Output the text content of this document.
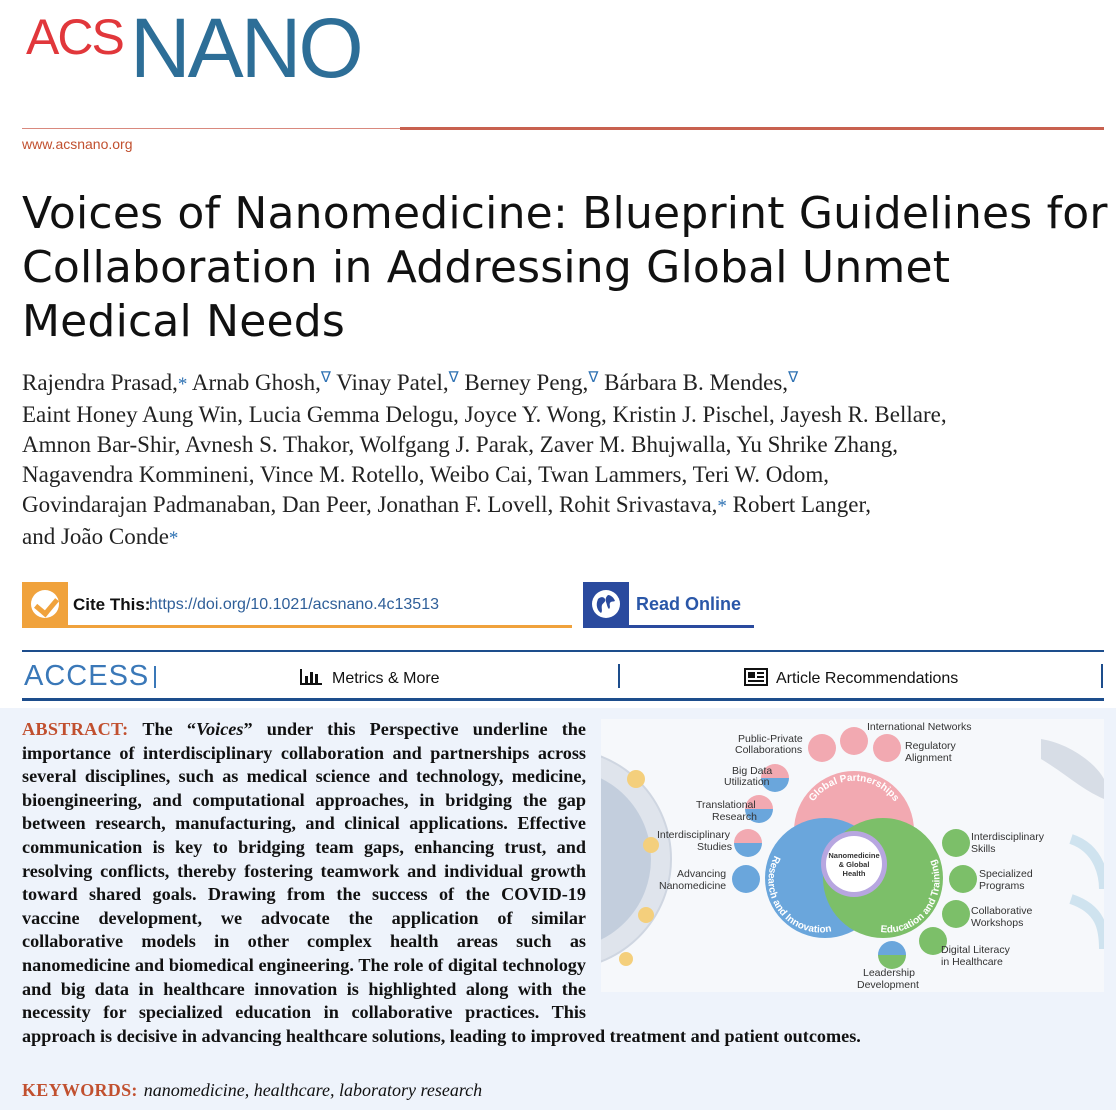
ACS NANO
www.acsnano.org
Voices of Nanomedicine: Blueprint Guidelines for Collaboration in Addressing Global Unmet Medical Needs
Rajendra Prasad,* Arnab Ghosh,∇ Vinay Patel,∇ Berney Peng,∇ Bárbara B. Mendes,∇
Eaint Honey Aung Win, Lucia Gemma Delogu, Joyce Y. Wong, Kristin J. Pischel, Jayesh R. Bellare,
Amnon Bar-Shir, Avnesh S. Thakor, Wolfgang J. Parak, Zaver M. Bhujwalla, Yu Shrike Zhang,
Nagavendra Kommineni, Vince M. Rotello, Weibo Cai, Twan Lammers, Teri W. Odom,
Govindarajan Padmanaban, Dan Peer, Jonathan F. Lovell, Rohit Srivastava,* Robert Langer,
and João Conde*
Cite This:
https://doi.org/10.1021/acsnano.4c13513	Read Online
ACCESS	Metrics & More	Article Recommendations
ABSTRACT: The “Voices” under this Perspective underline the importance of interdisciplinary collaboration and partnerships across several disciplines, such as medical science and technology, medicine, bioengineering, and computational approaches, in bridging the gap between research, manufacturing, and clinical applications. Effective communication is key to bridging team gaps, enhancing trust, and resolving conflicts, thereby fostering teamwork and individual growth toward shared goals. Drawing from the success of the COVID-19 vaccine development, we advocate the application of similar collaborative models in other complex health areas such as nanomedicine and biomedical engineering. The role of digital technology and big data in healthcare innovation is highlighted along with the necessity for specialized education in collaborative practices. This approach is decisive in advancing healthcare solutions, leading to improved treatment and patient outcomes.
Nanomedicine
& Global
Health
Global Partnerships
Research and Innovation	Education and Training
International Networks
Public-Private
Collaborations	Regulatory
Alignment
Big Data
Utilization
Translational
Research
Interdisciplinary
Studies
Advancing
Nanomedicine
Interdisciplinary
Skills
Specialized
Programs
Collaborative
Workshops
Digital Literacy
in Healthcare
Leadership
Development
KEYWORDS: nanomedicine, healthcare, laboratory research
